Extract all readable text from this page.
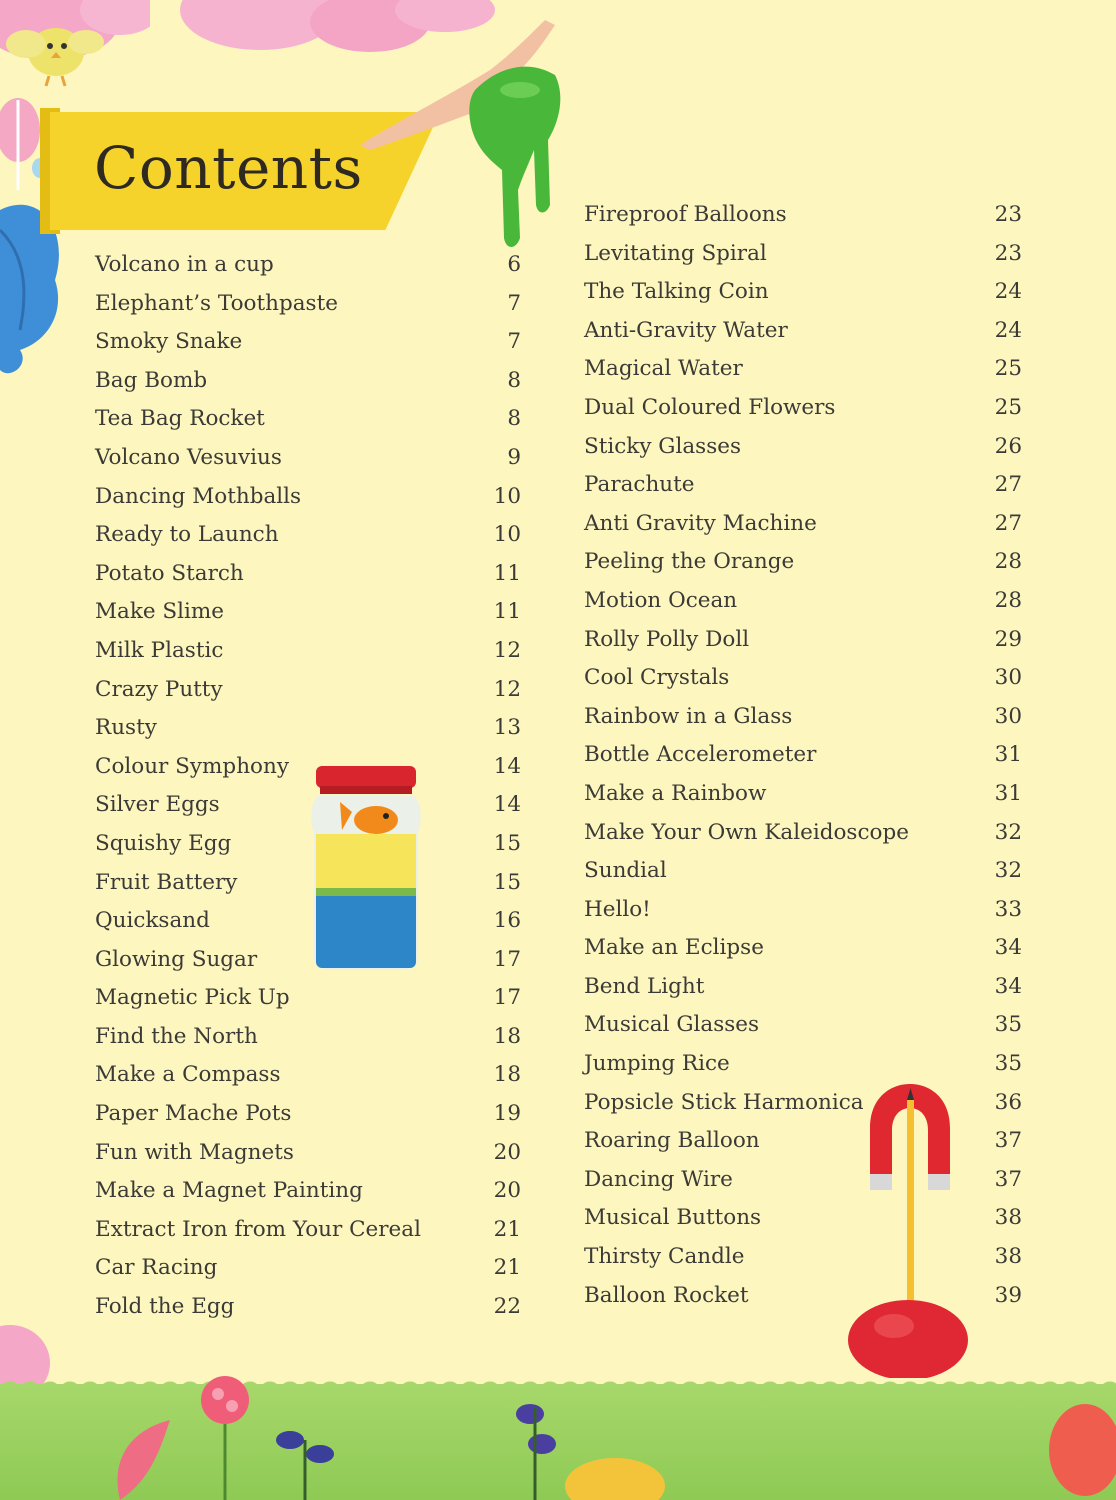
Contents
Volcano in a cup	6
Elephant’s Toothpaste	7
Smoky Snake	7
Bag Bomb	8
Tea Bag Rocket	8
Volcano Vesuvius	9
Dancing Mothballs	10
Ready to Launch	10
Potato Starch	11
Make Slime	11
Milk Plastic	12
Crazy Putty	12
Rusty	13
Colour Symphony	14
Silver Eggs	14
Squishy Egg	15
Fruit Battery	15
Quicksand	16
Glowing Sugar	17
Magnetic Pick Up	17
Find the North	18
Make a Compass	18
Paper Mache Pots	19
Fun with Magnets	20
Make a Magnet Painting	20
Extract Iron from Your Cereal	21
Car Racing	21
Fold the Egg	22
Fireproof Balloons	23
Levitating Spiral	23
The Talking Coin	24
Anti-Gravity Water	24
Magical Water	25
Dual Coloured Flowers	25
Sticky Glasses	26
Parachute	27
Anti Gravity Machine	27
Peeling the Orange	28
Motion Ocean	28
Rolly Polly Doll	29
Cool Crystals	30
Rainbow in a Glass	30
Bottle Accelerometer	31
Make a Rainbow	31
Make Your Own Kaleidoscope	32
Sundial	32
Hello!	33
Make an Eclipse	34
Bend Light	34
Musical Glasses	35
Jumping Rice	35
Popsicle Stick Harmonica	36
Roaring Balloon	37
Dancing Wire	37
Musical Buttons	38
Thirsty Candle	38
Balloon Rocket	39
